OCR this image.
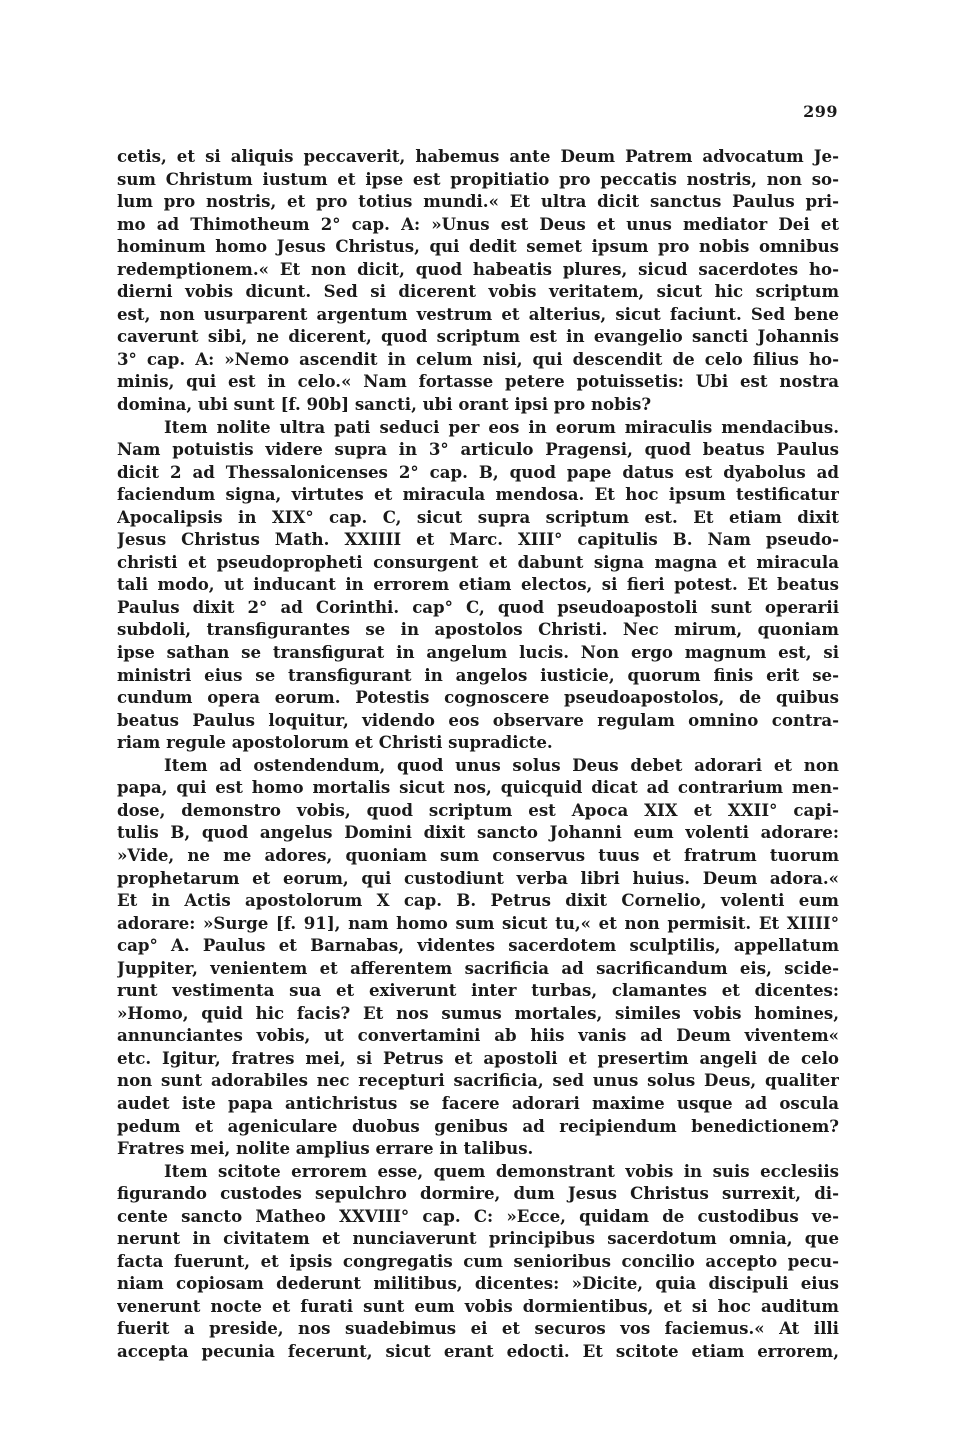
299
cetis, et si aliquis peccaverit, habemus ante Deum Patrem advocatum Je-
sum Christum iustum et ipse est propitiatio pro peccatis nostris, non so-
lum pro nostris, et pro totius mundi.« Et ultra dicit sanctus Paulus pri-
mo ad Thimotheum 2° cap. A: »Unus est Deus et unus mediator Dei et
hominum homo Jesus Christus, qui dedit semet ipsum pro nobis omnibus
redemptionem.« Et non dicit, quod habeatis plures, sicud sacerdotes ho-
dierni vobis dicunt. Sed si dicerent vobis veritatem, sicut hic scriptum
est, non usurparent argentum vestrum et alterius, sicut faciunt. Sed bene
caverunt sibi, ne dicerent, quod scriptum est in evangelio sancti Johannis
3° cap. A: »Nemo ascendit in celum nisi, qui descendit de celo filius ho-
minis, qui est in celo.« Nam fortasse petere potuissetis: Ubi est nostra
domina, ubi sunt [f. 90b] sancti, ubi orant ipsi pro nobis?
Item nolite ultra pati seduci per eos in eorum miraculis mendacibus.
Nam potuistis videre supra in 3° articulo Pragensi, quod beatus Paulus
dicit 2 ad Thessalonicenses 2° cap. B, quod pape datus est dyabolus ad
faciendum signa, virtutes et miracula mendosa. Et hoc ipsum testificatur
Apocalipsis in XIX° cap. C, sicut supra scriptum est. Et etiam dixit
Jesus Christus Math. XXIIII et Marc. XIII° capitulis B. Nam pseudo-
christi et pseudopropheti consurgent et dabunt signa magna et miracula
tali modo, ut inducant in errorem etiam electos, si fieri potest. Et beatus
Paulus dixit 2° ad Corinthi. cap° C, quod pseudoapostoli sunt operarii
subdoli, transfigurantes se in apostolos Christi. Nec mirum, quoniam
ipse sathan se transfigurat in angelum lucis. Non ergo magnum est, si
ministri eius se transfigurant in angelos iusticie, quorum finis erit se-
cundum opera eorum. Potestis cognoscere pseudoapostolos, de quibus
beatus Paulus loquitur, videndo eos observare regulam omnino contra-
riam regule apostolorum et Christi supradicte.
Item ad ostendendum, quod unus solus Deus debet adorari et non
papa, qui est homo mortalis sicut nos, quicquid dicat ad contrarium men-
dose, demonstro vobis, quod scriptum est Apoca XIX et XXII° capi-
tulis B, quod angelus Domini dixit sancto Johanni eum volenti adorare:
»Vide, ne me adores, quoniam sum conservus tuus et fratrum tuorum
prophetarum et eorum, qui custodiunt verba libri huius. Deum adora.«
Et in Actis apostolorum X cap. B. Petrus dixit Cornelio, volenti eum
adorare: »Surge [f. 91], nam homo sum sicut tu,« et non permisit. Et XIIII°
cap° A. Paulus et Barnabas, videntes sacerdotem sculptilis, appellatum
Juppiter, venientem et afferentem sacrificia ad sacrificandum eis, scide-
runt vestimenta sua et exiverunt inter turbas, clamantes et dicentes:
»Homo, quid hic facis? Et nos sumus mortales, similes vobis homines,
annunciantes vobis, ut convertamini ab hiis vanis ad Deum viventem«
etc. Igitur, fratres mei, si Petrus et apostoli et presertim angeli de celo
non sunt adorabiles nec recepturi sacrificia, sed unus solus Deus, qualiter
audet iste papa antichristus se facere adorari maxime usque ad oscula
pedum et ageniculare duobus genibus ad recipiendum benedictionem?
Fratres mei, nolite amplius errare in talibus.
Item scitote errorem esse, quem demonstrant vobis in suis ecclesiis
figurando custodes sepulchro dormire, dum Jesus Christus surrexit, di-
cente sancto Matheo XXVIII° cap. C: »Ecce, quidam de custodibus ve-
nerunt in civitatem et nunciaverunt principibus sacerdotum omnia, que
facta fuerunt, et ipsis congregatis cum senioribus concilio accepto pecu-
niam copiosam dederunt militibus, dicentes: »Dicite, quia discipuli eius
venerunt nocte et furati sunt eum vobis dormientibus, et si hoc auditum
fuerit a preside, nos suadebimus ei et securos vos faciemus.« At illi
accepta pecunia fecerunt, sicut erant edocti. Et scitote etiam errorem,
